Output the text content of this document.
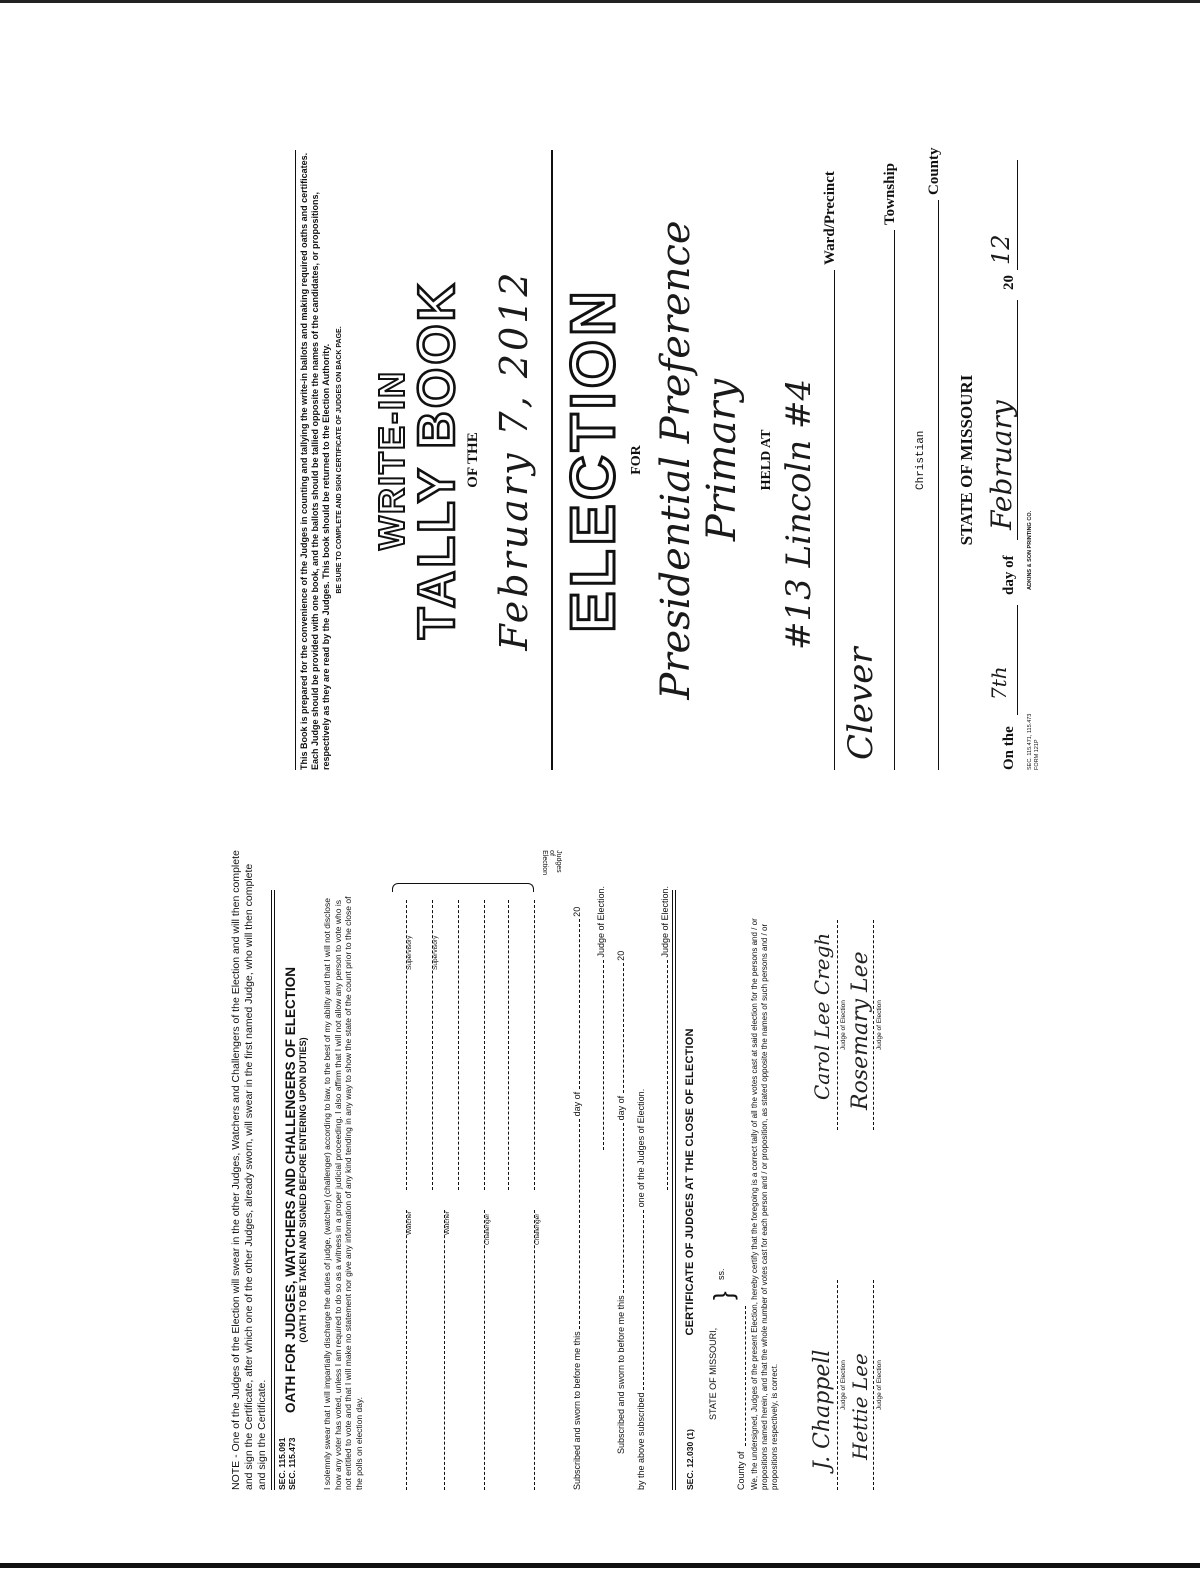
NOTE - One of the Judges of the Election will swear in the other Judges, Watchers and Challengers of the Election and will then complete and sign the Certificate, after which one of the other Judges, already sworn, will swear in the first named Judge, who will then complete and sign the Certificate. SEC. 115.091 SEC. 115.473
OATH FOR JUDGES, WATCHERS AND CHALLENGERS OF ELECTION (OATH TO BE TAKEN AND SIGNED BEFORE ENTERING UPON DUTIES) I solemnly swear that I will impartially discharge the duties of judge, (watcher) (challenger) according to law, to the best of my ability and that I will not disclose how any voter has voted, unless I am required to do so as a witness in a proper judicial proceeding. I also affirm that I will not allow any person to vote who is not entitled to vote and that I will make no statement nor give any information of any kind tending in any way to show the state of the count prior to the close of the polls on election day.
Watcher
Supervisory
Watcher
Supervisory
Challenger	Challenger
Judges of Election
Subscribed and sworn to before me this  day of  20 Judge of Election.
Subscribed and sworn to before me this  day of  20
by the above subscribed  one of the Judges of Election.
Judge of Election.
SEC. 12.030 (1) CERTIFICATE OF JUDGES AT THE CLOSE OF ELECTION
STATE OF MISSOURI,
}
ss.
County of We, the undersigned, Judges of the present Election, hereby certify that the foregoing is a correct tally of all the votes cast at said election for the persons and / or propositions named herein, and that the whole number of votes cast for each person and / or proposition, as stated opposite the names of such persons and / or propositions respectively, is correct. J. Chappell Judge of Election Hettie Lee Judge of Election
Carol Lee Cregh Judge of Election Rosemary Lee Judge of Election
This Book is prepared for the convenience of the Judges in counting and tallying the write-in ballots and making required oaths and certificates. Each Judge should be provided with one book, and the ballots should be tallied opposite the names of the candidates, or propositions, respectively as they are read by the Judges. This book should be returned to the Election Authority. BE SURE TO COMPLETE AND SIGN CERTIFICATE OF JUDGES ON BACK PAGE. WRITE-IN
TALLY BOOK OF THE February 7, 2012 ELECTION FOR Presidential Preference Primary HELD AT #13 Lincoln #4
Ward/Precinct
Clever
Township
Christian
County
STATE OF MISSOURI
On the
7th
day of
February
20
12
SEC. 115.471, 115.473 FORM 121P
ADKINS & SON PRINTING CO.
